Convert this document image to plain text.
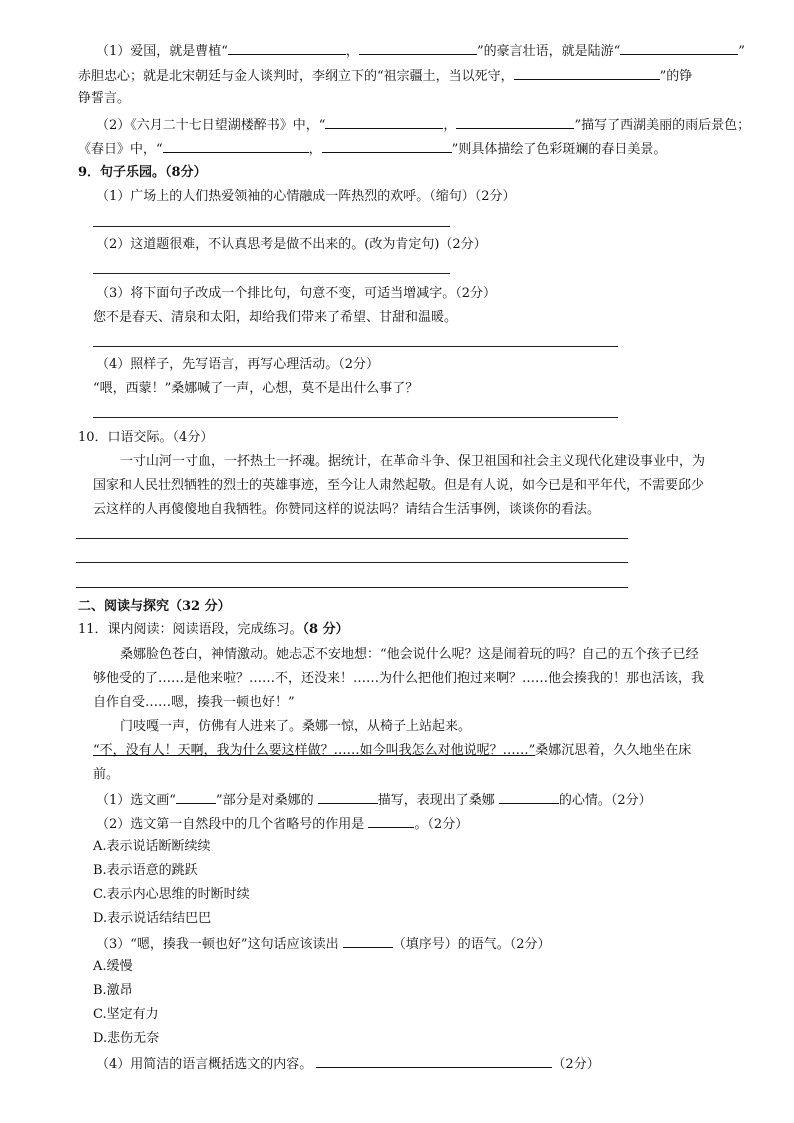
（1）爱国，就是曹植“	，	”的豪言壮语，就是陆游“	”
赤胆忠心；就是北宋朝廷与金人谈判时，李纲立下的“祖宗疆土，当以死守，	”的铮
铮誓言。
（2）《六月二十七日望湖楼醉书》中，“	，	”描写了西湖美丽的雨后景色；
《春日》中，“	，	”则具体描绘了色彩斑斓的春日美景。
9．句子乐园。（8分）
（1）广场上的人们热爱领袖的心情融成一阵热烈的欢呼。（缩句）（2分）
（2）这道题很难，不认真思考是做不出来的。(改为肯定句)（2分）
（3）将下面句子改成一个排比句，句意不变，可适当增减字。（2分）
您不是春天、清泉和太阳，却给我们带来了希望、甘甜和温暖。
（4）照样子，先写语言，再写心理活动。（2分）
“喂，西蒙！”桑娜喊了一声，心想，莫不是出什么事了？
10．口语交际。（4分）
一寸山河一寸血，一抔热土一抔魂。据统计，在革命斗争、保卫祖国和社会主义现代化建设事业中，为
国家和人民壮烈牺牲的烈士的英雄事迹，至今让人肃然起敬。但是有人说，如今已是和平年代，不需要邱少
云这样的人再傻傻地自我牺牲。你赞同这样的说法吗？请结合生活事例，谈谈你的看法。
二、阅读与探究（32 分）
11．课内阅读：阅读语段，完成练习。（8 分）
桑娜脸色苍白，神情激动。她忐忑不安地想：“他会说什么呢？这是闹着玩的吗？自己的五个孩子已经
够他受的了……是他来啦？……不，还没来！……为什么把他们抱过来啊？……他会揍我的！那也活该，我
自作自受……嗯，揍我一顿也好！”
门吱嘎一声，仿佛有人进来了。桑娜一惊，从椅子上站起来。
“不，没有人！天啊，我为什么要这样做？……如今叫我怎么对他说呢？……”桑娜沉思着，久久地坐在床
前。
（1）选文画“	”部分是对桑娜的	描写，表现出了桑娜	的心情。（2分）
（2）选文第一自然段中的几个省略号的作用是	。（2分）
A.表示说话断断续续
B.表示语意的跳跃
C.表示内心思维的时断时续
D.表示说话结结巴巴
（3）“嗯，揍我一顿也好”这句话应该读出	（填序号）的语气。（2分）
A.缓慢
B.激昂
C.坚定有力
D.悲伤无奈
（4）用简洁的语言概括选文的内容。	（2分）
